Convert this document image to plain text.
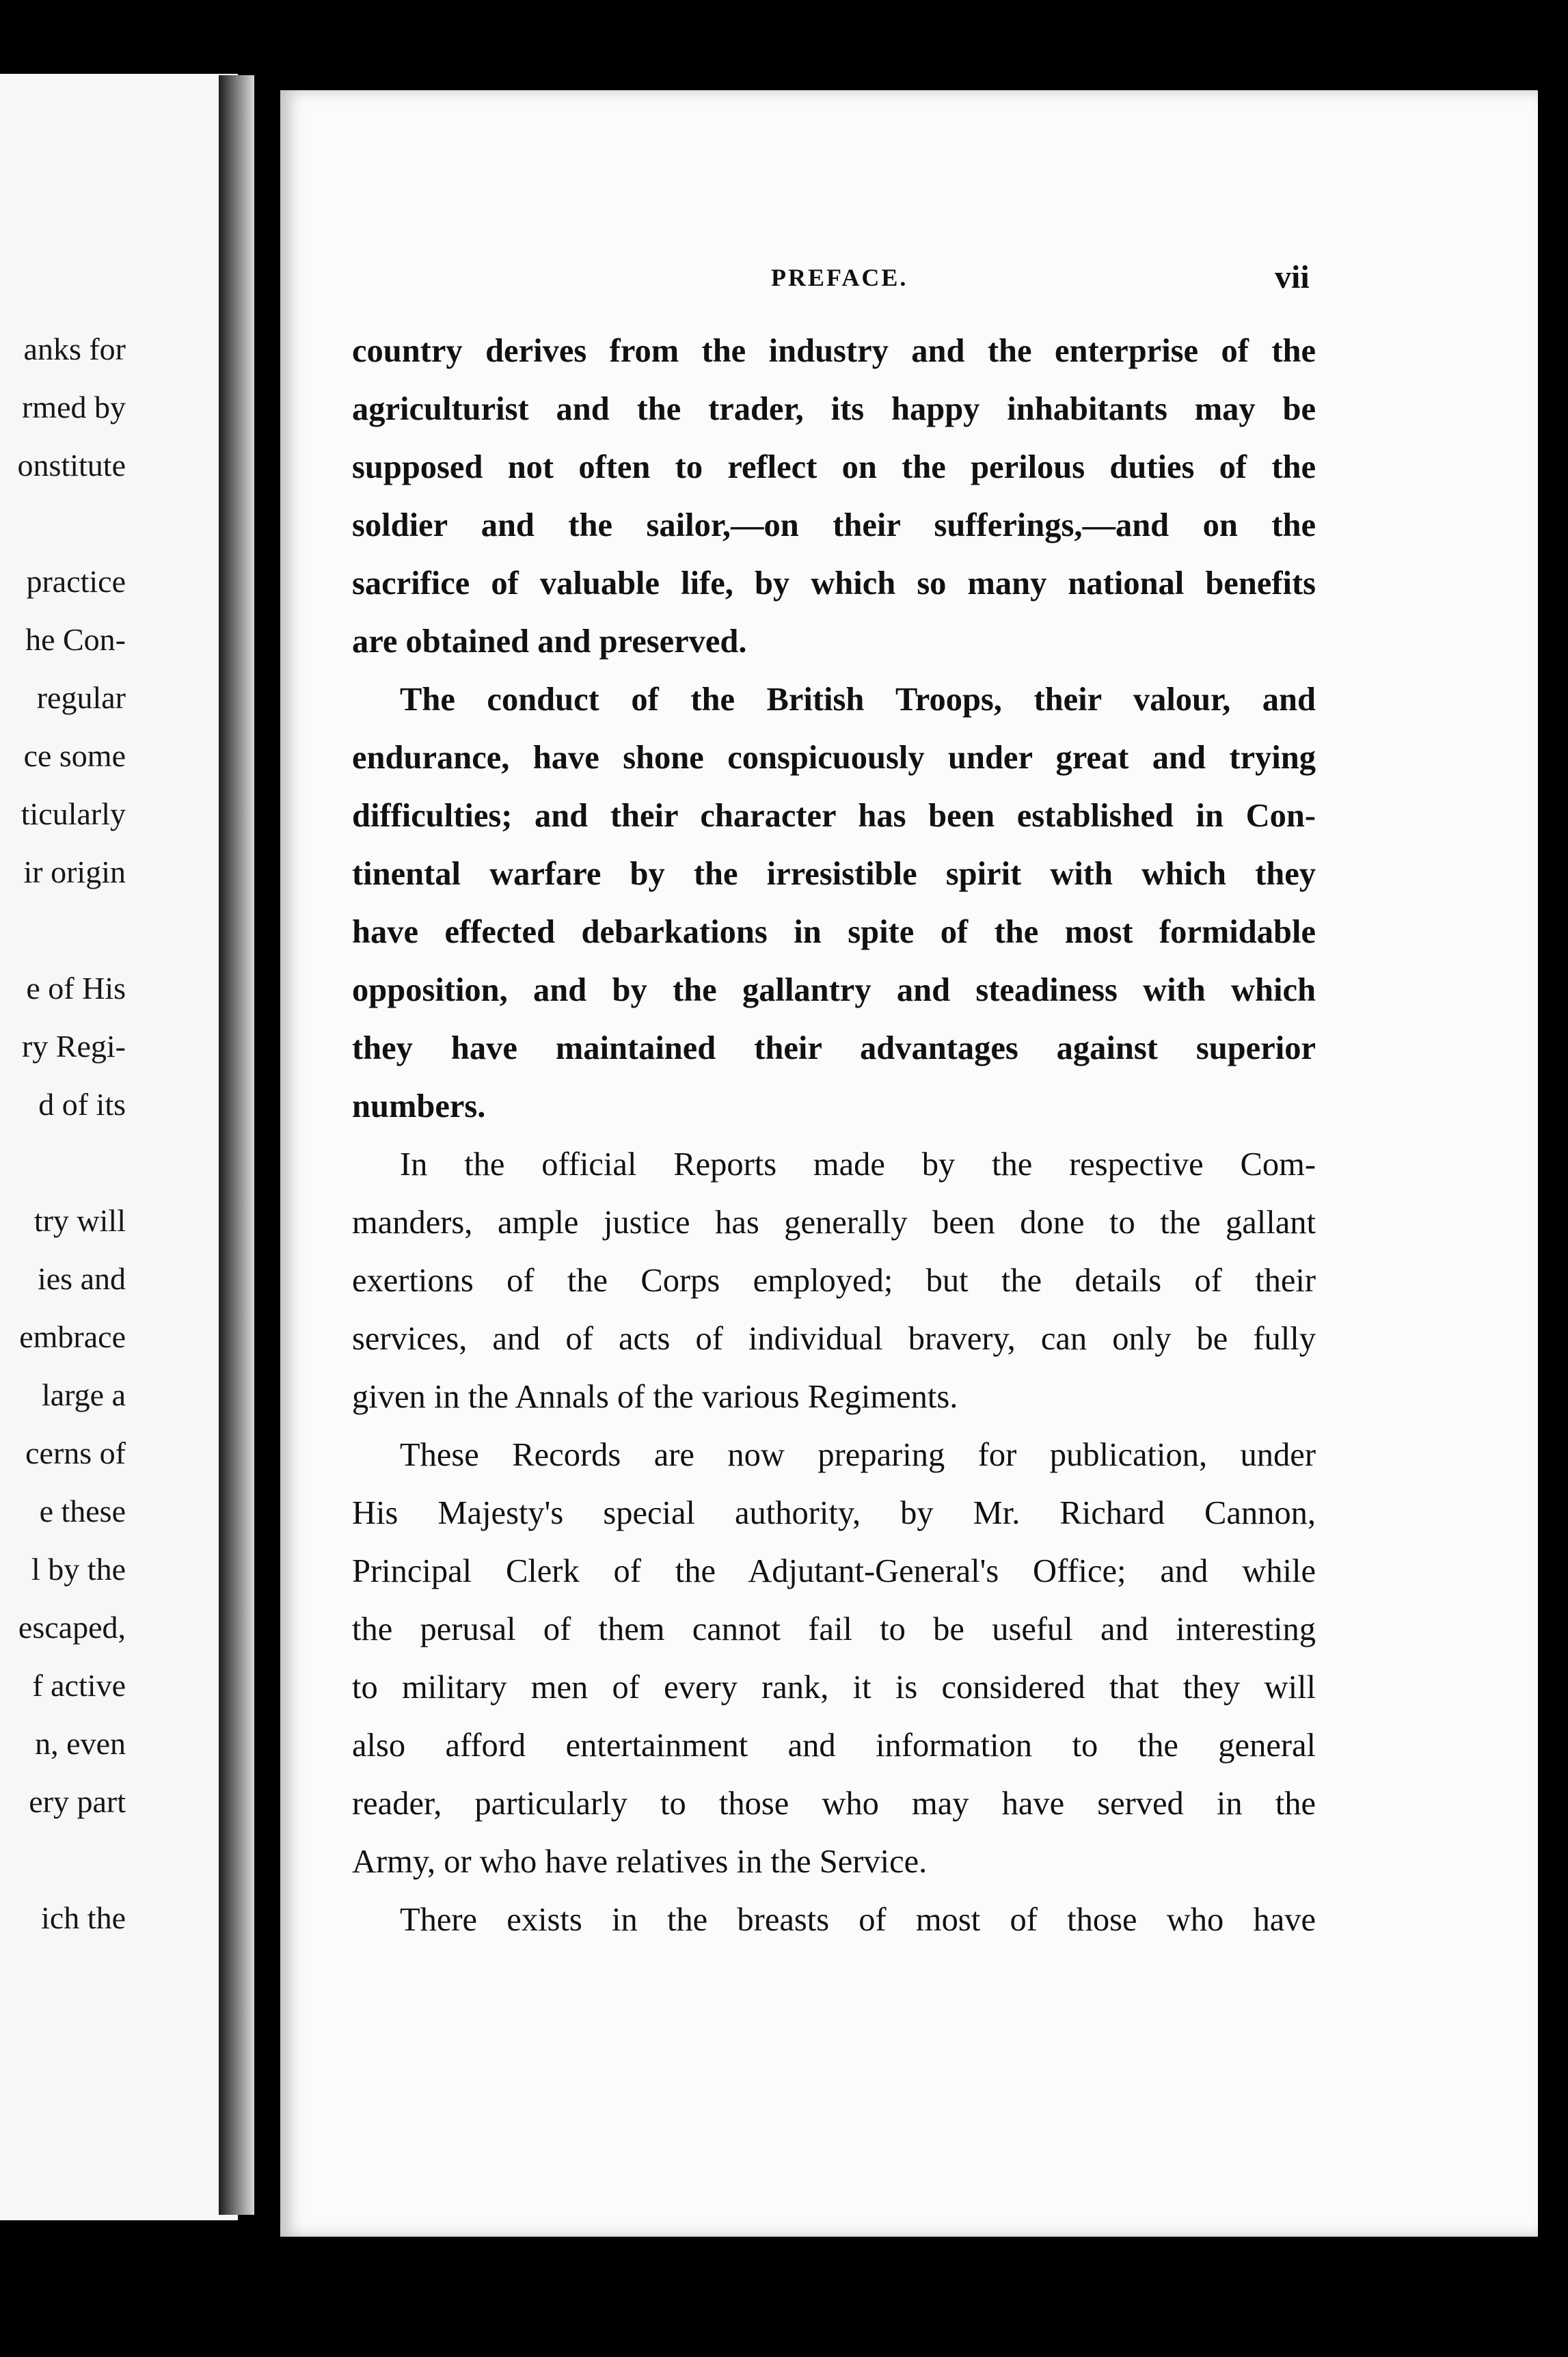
anks for
rmed by
onstitute
practice
he Con-
regular
ce some
ticularly
ir origin
e of His
ry Regi-
d of its
try will
ies and
embrace
large a
cerns of
e these
l by the
escaped,
f active
n, even
ery part
ich the
PREFACE.	vii
country derives from the industry and the enterprise of the
agriculturist and the trader, its happy inhabitants may be
supposed not often to reflect on the perilous duties of the
soldier and the sailor,—on their sufferings,—and on the
sacrifice of valuable life, by which so many national benefits
are obtained and preserved.
The conduct of the British Troops, their valour, and
endurance, have shone conspicuously under great and trying
difficulties; and their character has been established in Con-
tinental warfare by the irresistible spirit with which they
have effected debarkations in spite of the most formidable
opposition, and by the gallantry and steadiness with which
they have maintained their advantages against superior
numbers.
In the official Reports made by the respective Com-
manders, ample justice has generally been done to the gallant
exertions of the Corps employed; but the details of their
services, and of acts of individual bravery, can only be fully
given in the Annals of the various Regiments.
These Records are now preparing for publication, under
His Majesty's special authority, by Mr. Richard Cannon,
Principal Clerk of the Adjutant-General's Office; and while
the perusal of them cannot fail to be useful and interesting
to military men of every rank, it is considered that they will
also afford entertainment and information to the general
reader, particularly to those who may have served in the
Army, or who have relatives in the Service.
There exists in the breasts of most of those who have
